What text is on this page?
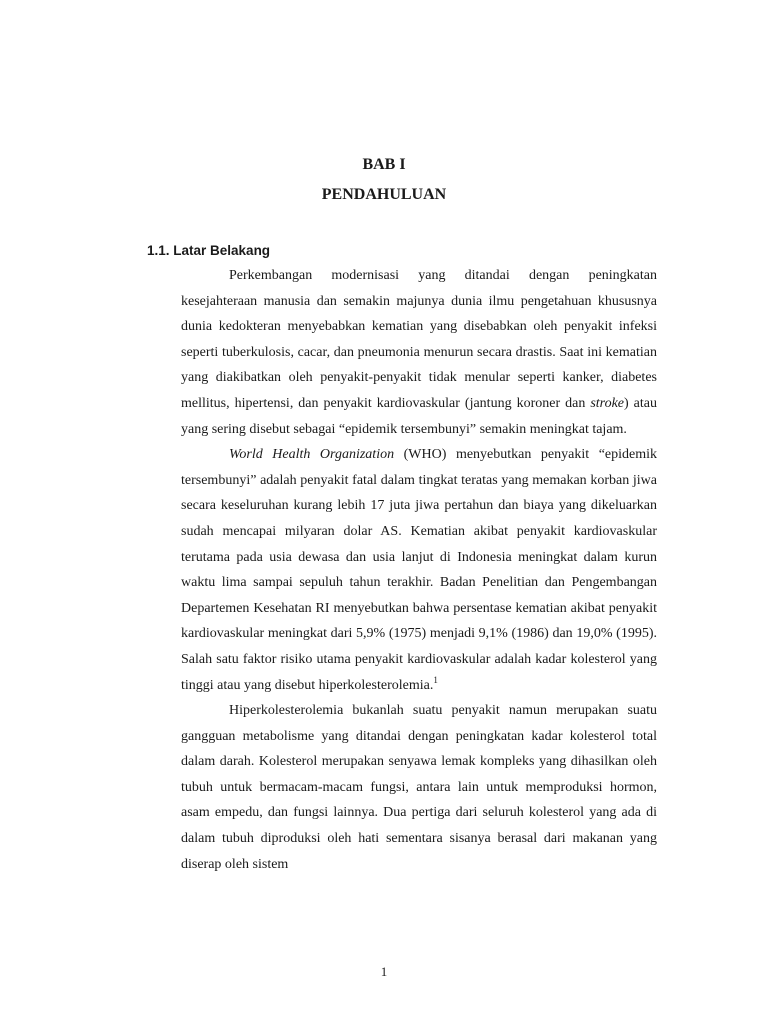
BAB I
PENDAHULUAN
1.1. Latar Belakang

Perkembangan modernisasi yang ditandai dengan peningkatan kesejahteraan manusia dan semakin majunya dunia ilmu pengetahuan khususnya dunia kedokteran menyebabkan kematian yang disebabkan oleh penyakit infeksi seperti tuberkulosis, cacar, dan pneumonia menurun secara drastis. Saat ini kematian yang diakibatkan oleh penyakit-penyakit tidak menular seperti kanker, diabetes mellitus, hipertensi, dan penyakit kardiovaskular (jantung koroner dan stroke) atau yang sering disebut sebagai “epidemik tersembunyi” semakin meningkat tajam.

World Health Organization (WHO) menyebutkan penyakit “epidemik tersembunyi” adalah penyakit fatal dalam tingkat teratas yang memakan korban jiwa secara keseluruhan kurang lebih 17 juta jiwa pertahun dan biaya yang dikeluarkan sudah mencapai milyaran dolar AS. Kematian akibat penyakit kardiovaskular terutama pada usia dewasa dan usia lanjut di Indonesia meningkat dalam kurun waktu lima sampai sepuluh tahun terakhir. Badan Penelitian dan Pengembangan Departemen Kesehatan RI menyebutkan bahwa persentase kematian akibat penyakit kardiovaskular meningkat dari 5,9% (1975) menjadi 9,1% (1986) dan 19,0% (1995). Salah satu faktor risiko utama penyakit kardiovaskular adalah kadar kolesterol yang tinggi atau yang disebut hiperkolesterolemia.$^1$

Hiperkolesterolemia bukanlah suatu penyakit namun merupakan suatu gangguan metabolisme yang ditandai dengan peningkatan kadar kolesterol total dalam darah. Kolesterol merupakan senyawa lemak kompleks yang dihasilkan oleh tubuh untuk bermacam-macam fungsi, antara lain untuk memproduksi hormon, asam empedu, dan fungsi lainnya. Dua pertiga dari seluruh kolesterol yang ada di dalam tubuh diproduksi oleh hati sementara sisanya berasal dari makanan yang diserap oleh sistem

1
